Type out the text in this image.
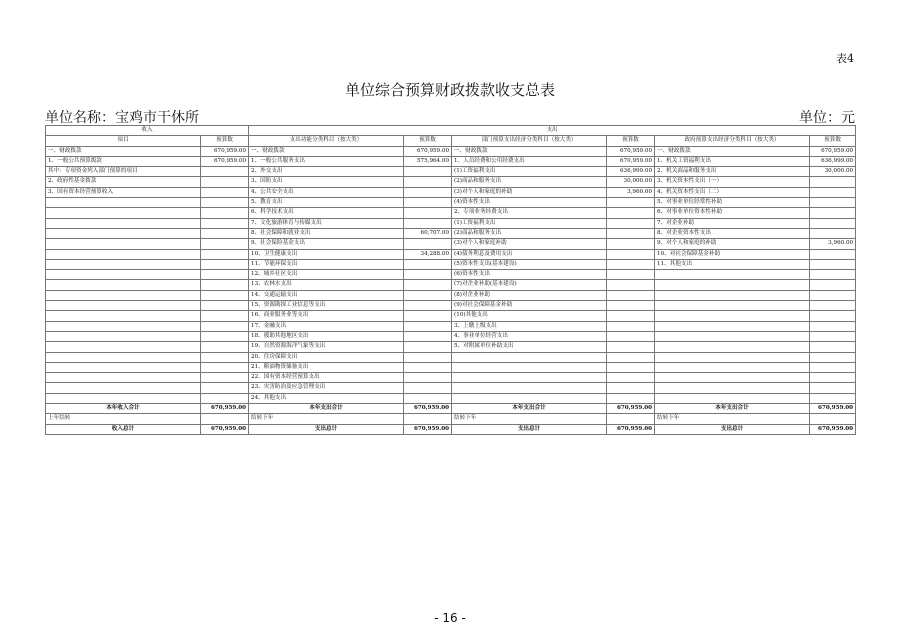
表4
单位综合预算财政拨款收支总表
单位名称：宝鸡市干休所	单位：元
收入		支出					
项目	预算数	支出功能分类科目（按大类）	预算数	部门预算支出经济分类科目（按大类）	预算数	政府预算支出经济分类科目（按大类）	预算数
一、财政拨款	670,959.00	一、财政拨款	670,959.00	一、财政拨款	670,959.00	一、财政拨款	670,959.00
1、一般公共预算拨款	670,959.00	1、一般公共服务支出	575,964.00	1、人员经费和公用经费支出	670,959.00	1、机关工资福利支出	636,999.00
其中：专项资金列入部门预算的项目		2、外交支出		(1)工资福利支出	636,999.00	2、机关商品和服务支出	30,000.00
2、政府性基金拨款		3、国防支出		(2)商品和服务支出	30,000.00	3、机关资本性支出（一）	
3、国有资本经营预算收入		4、公共安全支出		(3)对个人和家庭的补助	3,960.00	4、机关资本性支出（二）	
		5、教育支出		(4)资本性支出		5、对事业单位经常性补助	
		6、科学技术支出		2、专项业务经费支出		6、对事业单位资本性补助	
		7、文化旅游体育与传媒支出		(1)工资福利支出		7、对企业补助	
		8、社会保障和就业支出	60,707.00	(2)商品和服务支出		8、对企业资本性支出	
		9、社会保险基金支出		(3)对个人和家庭补助		9、对个人和家庭的补助	3,960.00
		10、卫生健康支出	34,288.00	(4)债务利息及费用支出		10、对社会保障基金补助	
		11、节能环保支出		(5)资本性支出(基本建设)		11、其他支出	
		12、城乡社区支出		(6)资本性支出			
		13、农林水支出		(7)对企业补助(基本建设)			
		14、交通运输支出		(8)对企业补助			
		15、资源勘探工业信息等支出		(9)对社会保障基金补助			
		16、商业服务业等支出		(10)其他支出			
		17、金融支出		3、上缴上级支出			
		18、援助其他地区支出		4、事业单位经营支出			
		19、自然资源海洋气象等支出		5、对附属单位补助支出			
		20、住房保障支出					
		21、粮油物资储备支出					
		22、国有资本经营预算支出					
		23、灾害防治及应急管理支出					
		24、其他支出					
本年收入合计	670,959.00	本年支出合计	670,959.00	本年支出合计	670,959.00	本年支出合计	670,959.00
上年结转		结转下年		结转下年		结转下年	
收入总计	670,959.00	支出总计	670,959.00	支出总计	670,959.00	支出总计	670,959.00
- 16 -
